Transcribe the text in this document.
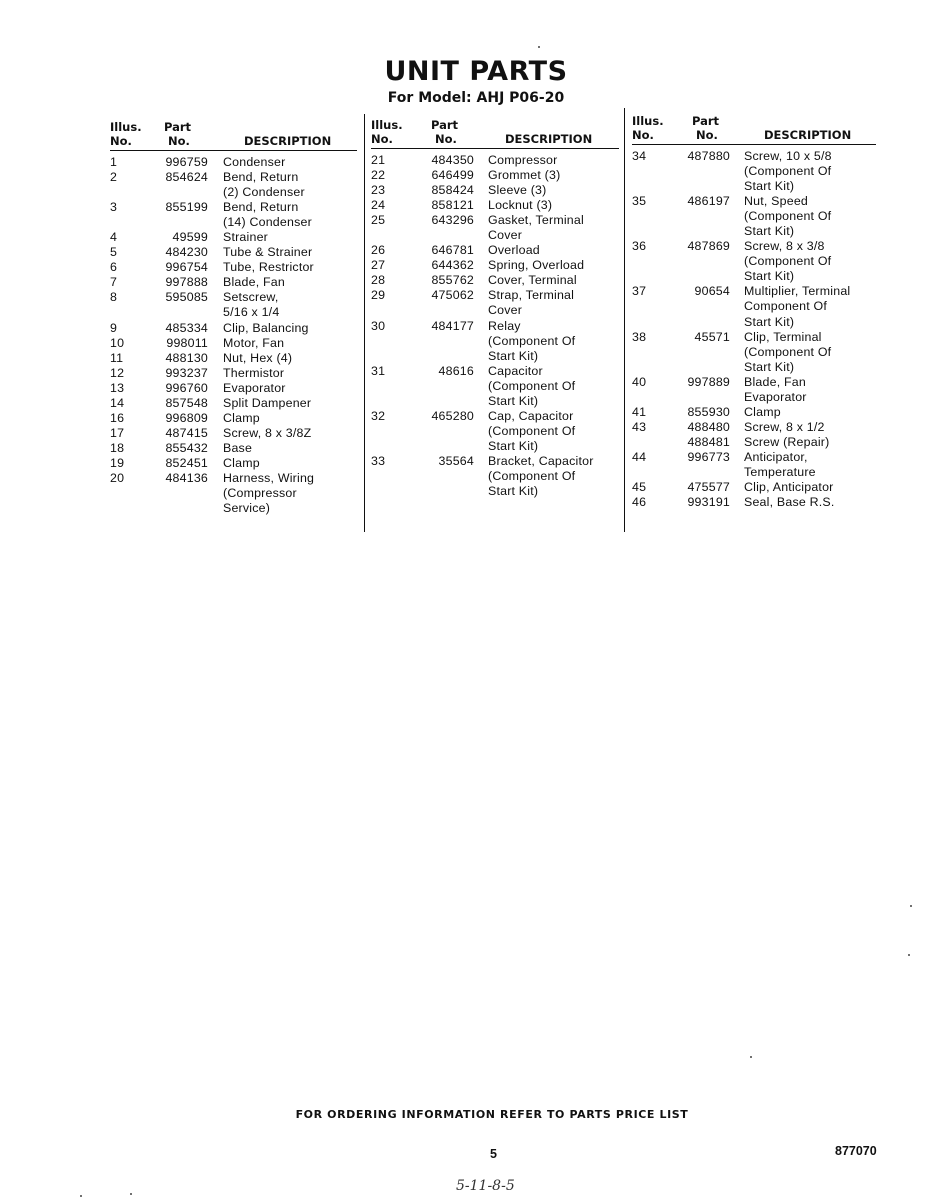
UNIT PARTS
For Model: AHJ P06-20
Illus.
No.
Part
No.	DESCRIPTION
1	996759 Condenser
2	854624 Bend, Return
(2) Condenser
3	855199 Bend, Return
(14) Condenser
4	49599 Strainer
5	484230 Tube & Strainer
6	996754 Tube, Restrictor
7	997888 Blade, Fan
8	595085 Setscrew,
5/16 x 1/4
9	485334 Clip, Balancing
10	998011 Motor, Fan
11	488130 Nut, Hex (4)
12	993237 Thermistor
13	996760 Evaporator
14	857548 Split Dampener
16	996809 Clamp
17	487415 Screw, 8 x 3/8Z
18	855432 Base
19	852451 Clamp
20	484136 Harness, Wiring
(Compressor
Service)
Illus.
No.
Part
No.	DESCRIPTION
21	484350 Compressor
22	646499 Grommet (3)
23	858424 Sleeve (3)
24	858121 Locknut (3)
25	643296 Gasket, Terminal
Cover
26	646781 Overload
27	644362 Spring, Overload
28	855762 Cover, Terminal
29	475062 Strap, Terminal
Cover
30	484177 Relay
(Component Of
Start Kit)
31	48616 Capacitor
(Component Of
Start Kit)
32	465280 Cap, Capacitor
(Component Of
Start Kit)
33	35564 Bracket, Capacitor
(Component Of
Start Kit)
Illus.
No.
Part
No.	DESCRIPTION
34	487880 Screw, 10 x 5/8
(Component Of
Start Kit)
35	486197 Nut, Speed
(Component Of
Start Kit)
36	487869 Screw, 8 x 3/8
(Component Of
Start Kit)
37	90654 Multiplier, Terminal
Component Of
Start Kit)
38	45571 Clip, Terminal
(Component Of
Start Kit)
40	997889 Blade, Fan
Evaporator
41	855930 Clamp
43	488480 Screw, 8 x 1/2
488481 Screw (Repair)
44	996773 Anticipator,
Temperature
45	475577 Clip, Anticipator
46	993191 Seal, Base R.S.
FOR ORDERING INFORMATION REFER TO PARTS PRICE LIST
5	877070
5-11-8-5
